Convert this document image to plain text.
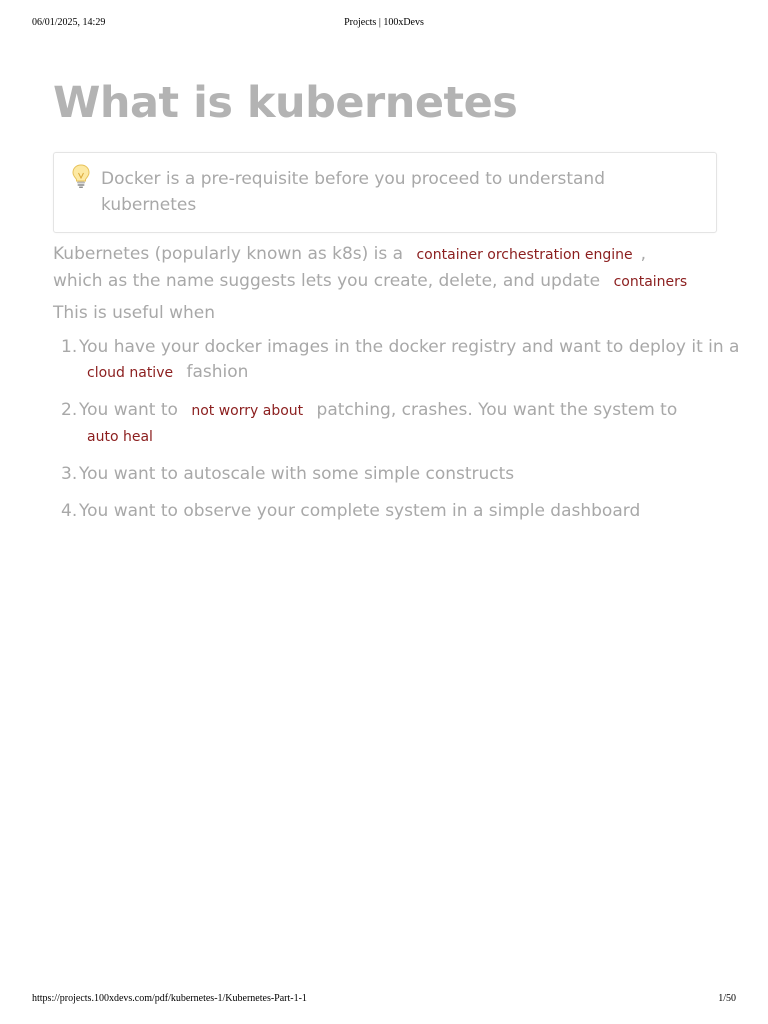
06/01/2025, 14:29	Projects | 100xDevs
What is kubernetes
Docker is a pre-requisite before you proceed to understand kubernetes
Kubernetes (popularly known as k8s) is a container orchestration engine ,
which as the name suggests lets you create, delete, and update containers
This is useful when
1. You have your docker images in the docker registry and want to deploy it in a cloud native fashion
2. You want to not worry about patching, crashes. You want the system to
auto heal
3. You want to autoscale with some simple constructs
4. You want to observe your complete system in a simple dashboard
https://projects.100xdevs.com/pdf/kubernetes-1/Kubernetes-Part-1-1	1/50
